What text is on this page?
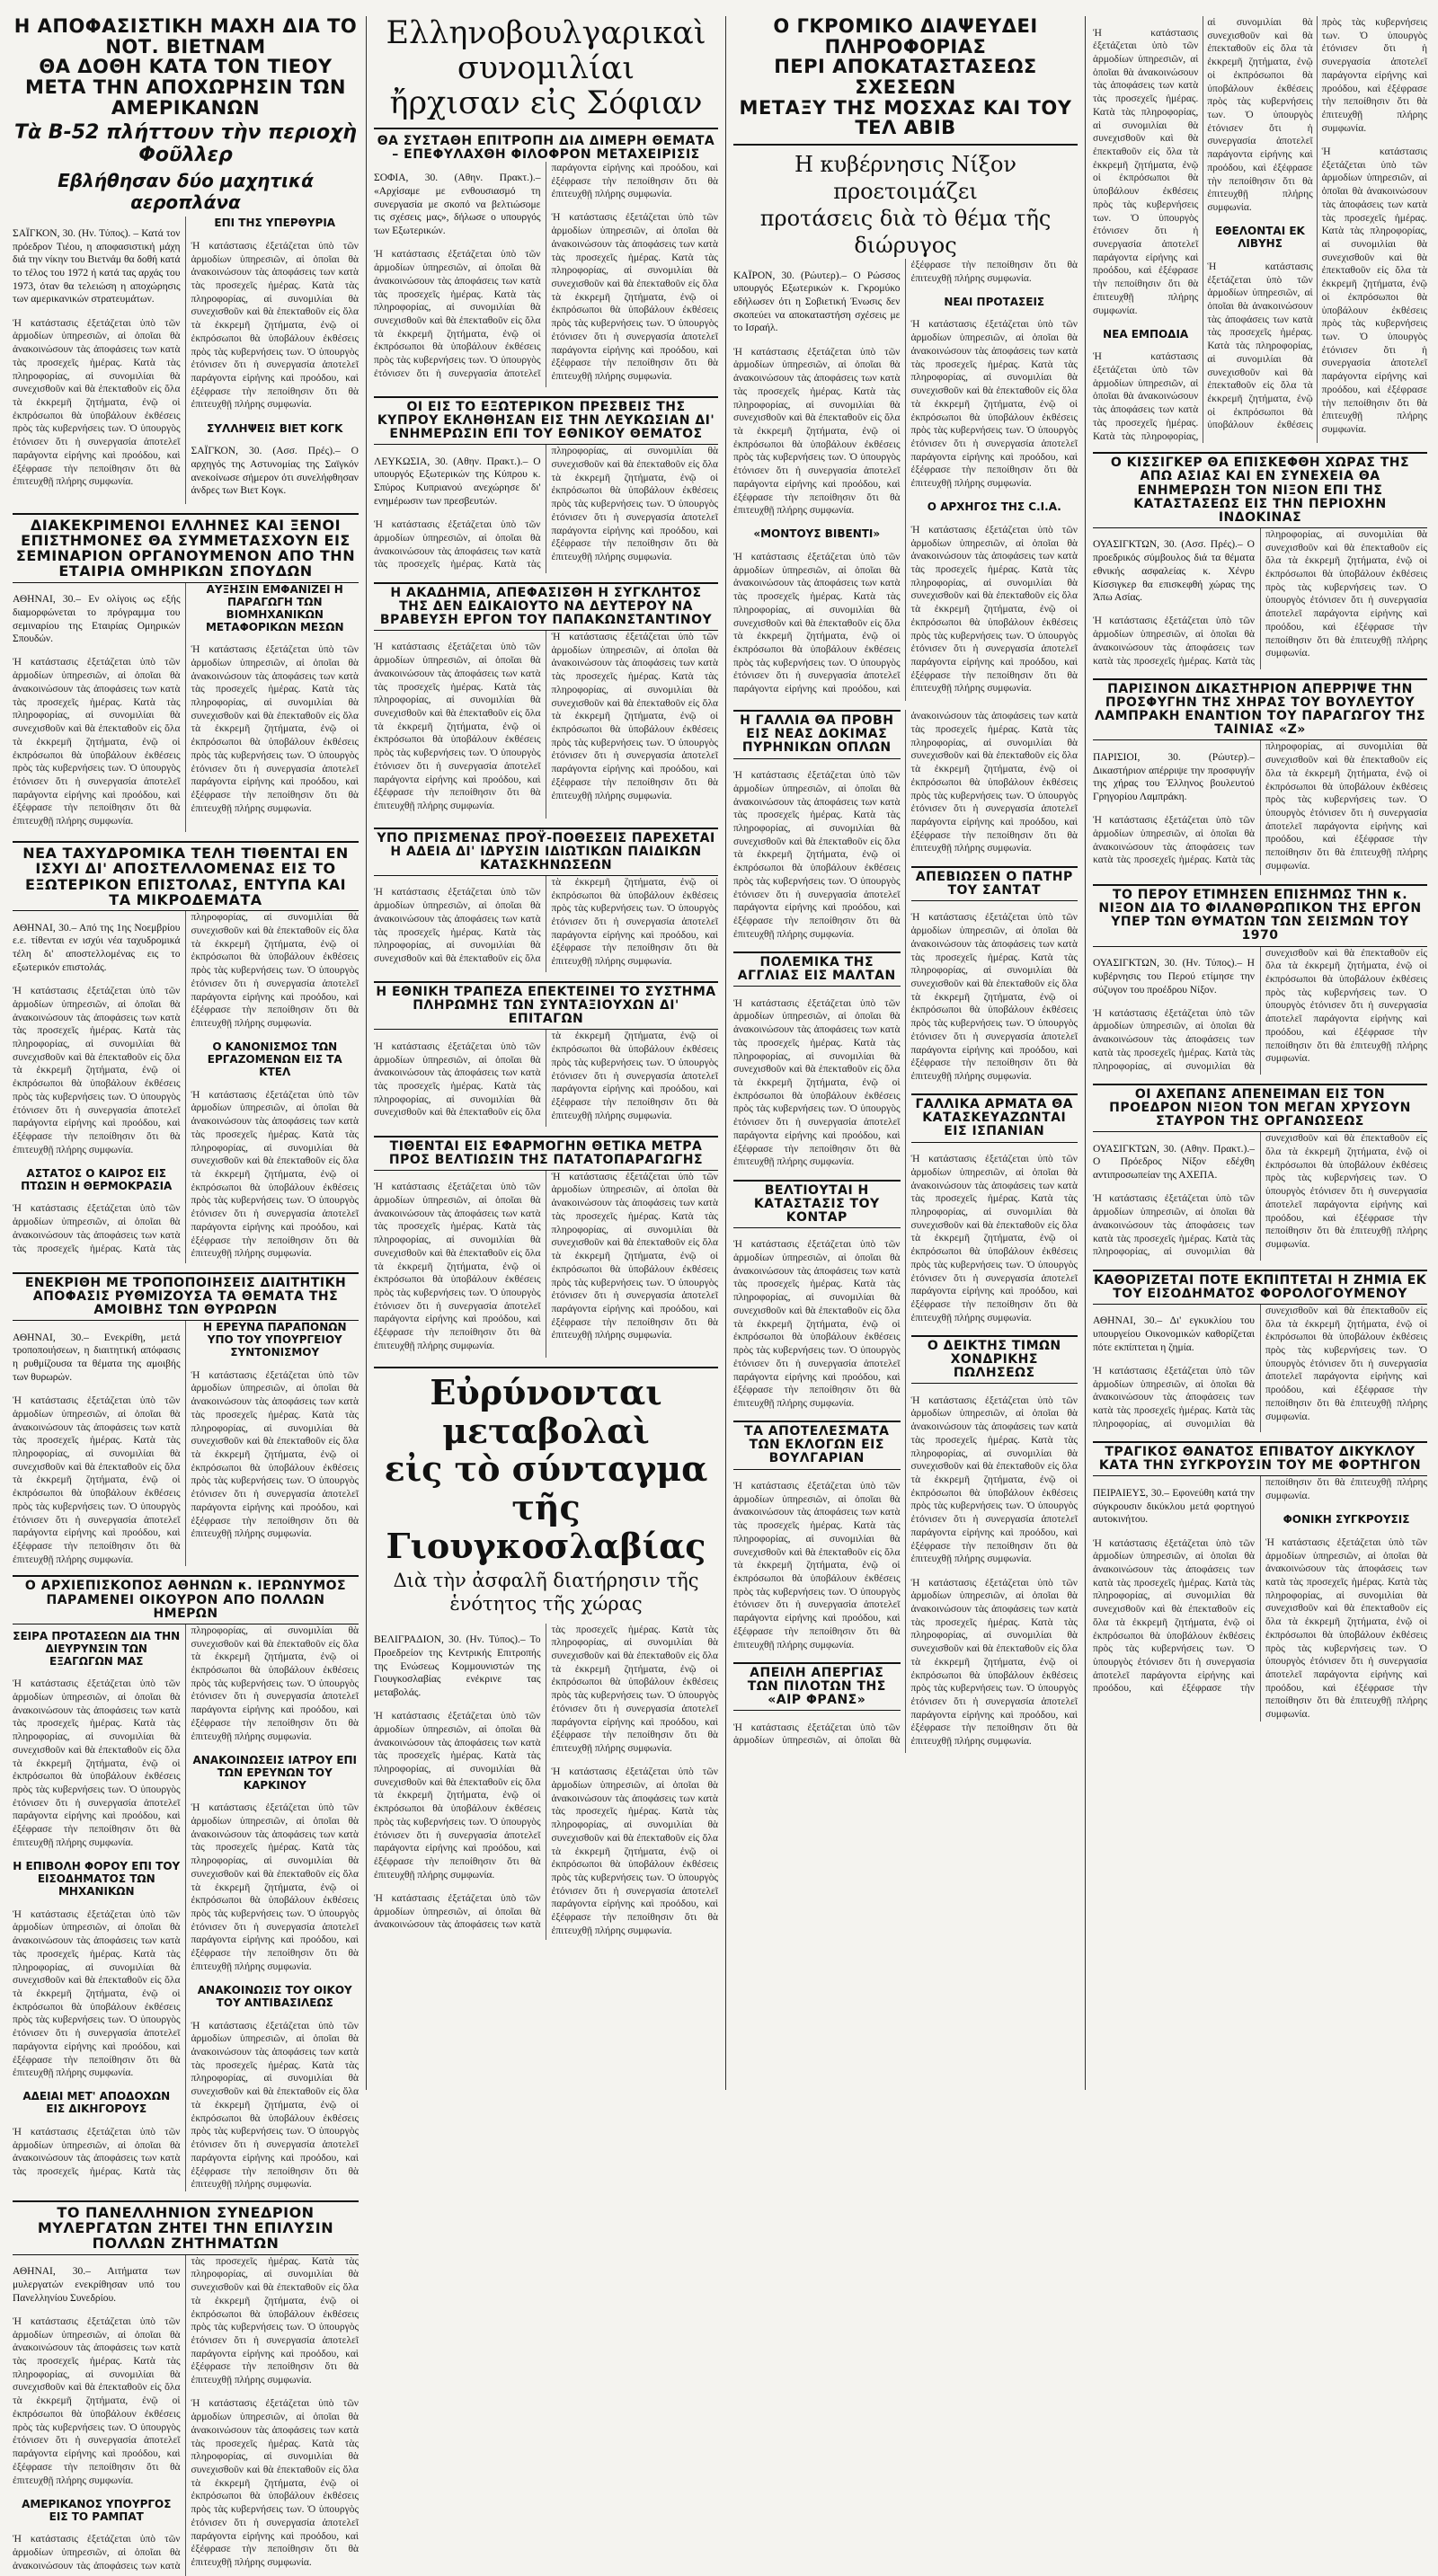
Η ΑΠΟΦΑΣΙΣΤΙΚΗ ΜΑΧΗ ΔΙΑ ΤΟ ΝΟΤ. ΒΙΕΤΝΑΜ
ΘΑ ΔΟΘΗ ΚΑΤΑ ΤΟΝ ΤΙΕΟΥ
ΜΕΤΑ ΤΗΝ ΑΠΟΧΩΡΗΣΙΝ ΤΩΝ ΑΜΕΡΙΚΑΝΩΝ
Τὰ Β-52 πλήττουν τὴν περιοχὴ Φοῦλλερ
Εβλήθησαν δύο μαχητικά αεροπλάνα

ΣΑΪΓΚΟΝ, 30. (Ην. Τύπος). – Κατά τον πρόεδρον Τιέου, η αποφασιστική μάχη διά την νίκην του Βιετνάμ θα δοθή κατά το τέλος του 1972 ή κατά τας αρχάς του 1973, όταν θα τελειώση η αποχώρησις των αμερικανικών στρατευμάτων.

Ἡ κατάστασις ἐξετάζεται ὑπὸ τῶν ἁρμοδίων ὑπηρεσιῶν, αἱ ὁποῖαι θὰ ἀνακοινώσουν τὰς ἀποφάσεις των κατὰ τὰς προσεχεῖς ἡμέρας. Κατὰ τὰς πληροφορίας, αἱ συνομιλίαι θὰ συνεχισθοῦν καὶ θὰ ἐπεκταθοῦν εἰς ὅλα τὰ ἐκκρεμῆ ζητήματα, ἐνῷ οἱ ἐκπρόσωποι θὰ ὑποβάλουν ἐκθέσεις πρὸς τὰς κυβερνήσεις των. Ὁ ὑπουργὸς ἐτόνισεν ὅτι ἡ συνεργασία ἀποτελεῖ παράγοντα εἰρήνης καὶ προόδου, καὶ ἐξέφρασε τὴν πεποίθησιν ὅτι θὰ ἐπιτευχθῇ πλήρης συμφωνία.

ΕΠΙ ΤΗΣ ΥΠΕΡΘΥΡΙΑ

Ἡ κατάστασις ἐξετάζεται ὑπὸ τῶν ἁρμοδίων ὑπηρεσιῶν, αἱ ὁποῖαι θὰ ἀνακοινώσουν τὰς ἀποφάσεις των κατὰ τὰς προσεχεῖς ἡμέρας. Κατὰ τὰς πληροφορίας, αἱ συνομιλίαι θὰ συνεχισθοῦν καὶ θὰ ἐπεκταθοῦν εἰς ὅλα τὰ ἐκκρεμῆ ζητήματα, ἐνῷ οἱ ἐκπρόσωποι θὰ ὑποβάλουν ἐκθέσεις πρὸς τὰς κυβερνήσεις των. Ὁ ὑπουργὸς ἐτόνισεν ὅτι ἡ συνεργασία ἀποτελεῖ παράγοντα εἰρήνης καὶ προόδου, καὶ ἐξέφρασε τὴν πεποίθησιν ὅτι θὰ ἐπιτευχθῇ πλήρης συμφωνία.

ΣΥΛΛΗΨΕΙΣ ΒΙΕΤ ΚΟΓΚ

ΣΑΪΓΚΟΝ, 30. (Ασσ. Πρές).– Ο αρχηγός της Αστυνομίας της Σαϊγκόν ανεκοίνωσε σήμερον ότι συνελήφθησαν άνδρες των Βιετ Κογκ.

ΔΙΑΚΕΚΡΙΜΕΝΟΙ ΕΛΛΗΝΕΣ ΚΑΙ ΞΕΝΟΙ ΕΠΙΣΤΗΜΟΝΕΣ ΘΑ ΣΥΜΜΕΤΑΣΧΟΥΝ ΕΙΣ ΣΕΜΙΝΑΡΙΟΝ ΟΡΓΑΝΟΥΜΕΝΟΝ ΑΠΟ ΤΗΝ ΕΤΑΙΡΙΑ ΟΜΗΡΙΚΩΝ ΣΠΟΥΔΩΝ

ΑΘΗΝΑΙ, 30.– Εν ολίγοις ως εξής διαμορφώνεται το πρόγραμμα του σεμιναρίου της Εταιρίας Ομηρικών Σπουδών.

Ἡ κατάστασις ἐξετάζεται ὑπὸ τῶν ἁρμοδίων ὑπηρεσιῶν, αἱ ὁποῖαι θὰ ἀνακοινώσουν τὰς ἀποφάσεις των κατὰ τὰς προσεχεῖς ἡμέρας. Κατὰ τὰς πληροφορίας, αἱ συνομιλίαι θὰ συνεχισθοῦν καὶ θὰ ἐπεκταθοῦν εἰς ὅλα τὰ ἐκκρεμῆ ζητήματα, ἐνῷ οἱ ἐκπρόσωποι θὰ ὑποβάλουν ἐκθέσεις πρὸς τὰς κυβερνήσεις των. Ὁ ὑπουργὸς ἐτόνισεν ὅτι ἡ συνεργασία ἀποτελεῖ παράγοντα εἰρήνης καὶ προόδου, καὶ ἐξέφρασε τὴν πεποίθησιν ὅτι θὰ ἐπιτευχθῇ πλήρης συμφωνία.

ΑΥΞΗΣΙΝ ΕΜΦΑΝΙΖΕΙ Η ΠΑΡΑΓΩΓΗ ΤΩΝ ΒΙΟΜΗΧΑΝΙΚΩΝ ΜΕΤΑΦΟΡΙΚΩΝ ΜΕΣΩΝ

Ἡ κατάστασις ἐξετάζεται ὑπὸ τῶν ἁρμοδίων ὑπηρεσιῶν, αἱ ὁποῖαι θὰ ἀνακοινώσουν τὰς ἀποφάσεις των κατὰ τὰς προσεχεῖς ἡμέρας. Κατὰ τὰς πληροφορίας, αἱ συνομιλίαι θὰ συνεχισθοῦν καὶ θὰ ἐπεκταθοῦν εἰς ὅλα τὰ ἐκκρεμῆ ζητήματα, ἐνῷ οἱ ἐκπρόσωποι θὰ ὑποβάλουν ἐκθέσεις πρὸς τὰς κυβερνήσεις των. Ὁ ὑπουργὸς ἐτόνισεν ὅτι ἡ συνεργασία ἀποτελεῖ παράγοντα εἰρήνης καὶ προόδου, καὶ ἐξέφρασε τὴν πεποίθησιν ὅτι θὰ ἐπιτευχθῇ πλήρης συμφωνία.

ΝΕΑ ΤΑΧΥΔΡΟΜΙΚΑ ΤΕΛΗ ΤΙΘΕΝΤΑΙ ΕΝ ΙΣΧΥΙ ΔΙ' ΑΠΟΣΤΕΛΛΟΜΕΝΑΣ ΕΙΣ ΤΟ ΕΞΩΤΕΡΙΚΟΝ ΕΠΙΣΤΟΛΑΣ, ΕΝΤΥΠΑ ΚΑΙ ΤΑ ΜΙΚΡΟΔΕΜΑΤΑ

ΑΘΗΝΑΙ, 30.– Από της 1ης Νοεμβρίου ε.ε. τίθενται εν ισχύι νέα ταχυδρομικά τέλη δι' αποστελλομένας εις το εξωτερικόν επιστολάς.

Ἡ κατάστασις ἐξετάζεται ὑπὸ τῶν ἁρμοδίων ὑπηρεσιῶν, αἱ ὁποῖαι θὰ ἀνακοινώσουν τὰς ἀποφάσεις των κατὰ τὰς προσεχεῖς ἡμέρας. Κατὰ τὰς πληροφορίας, αἱ συνομιλίαι θὰ συνεχισθοῦν καὶ θὰ ἐπεκταθοῦν εἰς ὅλα τὰ ἐκκρεμῆ ζητήματα, ἐνῷ οἱ ἐκπρόσωποι θὰ ὑποβάλουν ἐκθέσεις πρὸς τὰς κυβερνήσεις των. Ὁ ὑπουργὸς ἐτόνισεν ὅτι ἡ συνεργασία ἀποτελεῖ παράγοντα εἰρήνης καὶ προόδου, καὶ ἐξέφρασε τὴν πεποίθησιν ὅτι θὰ ἐπιτευχθῇ πλήρης συμφωνία.

ΑΣΤΑΤΟΣ Ο ΚΑΙΡΟΣ ΕΙΣ ΠΤΩΣΙΝ Η ΘΕΡΜΟΚΡΑΣΙΑ

Ἡ κατάστασις ἐξετάζεται ὑπὸ τῶν ἁρμοδίων ὑπηρεσιῶν, αἱ ὁποῖαι θὰ ἀνακοινώσουν τὰς ἀποφάσεις των κατὰ τὰς προσεχεῖς ἡμέρας. Κατὰ τὰς πληροφορίας, αἱ συνομιλίαι θὰ συνεχισθοῦν καὶ θὰ ἐπεκταθοῦν εἰς ὅλα τὰ ἐκκρεμῆ ζητήματα, ἐνῷ οἱ ἐκπρόσωποι θὰ ὑποβάλουν ἐκθέσεις πρὸς τὰς κυβερνήσεις των. Ὁ ὑπουργὸς ἐτόνισεν ὅτι ἡ συνεργασία ἀποτελεῖ παράγοντα εἰρήνης καὶ προόδου, καὶ ἐξέφρασε τὴν πεποίθησιν ὅτι θὰ ἐπιτευχθῇ πλήρης συμφωνία.

Ο ΚΑΝΟΝΙΣΜΟΣ ΤΩΝ ΕΡΓΑΖΟΜΕΝΩΝ ΕΙΣ ΤΑ ΚΤΕΛ

Ἡ κατάστασις ἐξετάζεται ὑπὸ τῶν ἁρμοδίων ὑπηρεσιῶν, αἱ ὁποῖαι θὰ ἀνακοινώσουν τὰς ἀποφάσεις των κατὰ τὰς προσεχεῖς ἡμέρας. Κατὰ τὰς πληροφορίας, αἱ συνομιλίαι θὰ συνεχισθοῦν καὶ θὰ ἐπεκταθοῦν εἰς ὅλα τὰ ἐκκρεμῆ ζητήματα, ἐνῷ οἱ ἐκπρόσωποι θὰ ὑποβάλουν ἐκθέσεις πρὸς τὰς κυβερνήσεις των. Ὁ ὑπουργὸς ἐτόνισεν ὅτι ἡ συνεργασία ἀποτελεῖ παράγοντα εἰρήνης καὶ προόδου, καὶ ἐξέφρασε τὴν πεποίθησιν ὅτι θὰ ἐπιτευχθῇ πλήρης συμφωνία.

ΕΝΕΚΡΙΘΗ ΜΕ ΤΡΟΠΟΠΟΙΗΣΕΙΣ ΔΙΑΙΤΗΤΙΚΗ ΑΠΟΦΑΣΙΣ ΡΥΘΜΙΖΟΥΣΑ ΤΑ ΘΕΜΑΤΑ ΤΗΣ ΑΜΟΙΒΗΣ ΤΩΝ ΘΥΡΩΡΩΝ

ΑΘΗΝΑΙ, 30.– Ενεκρίθη, μετά τροποποιήσεων, η διαιτητική απόφασις η ρυθμίζουσα τα θέματα της αμοιβής των θυρωρών.

Ἡ κατάστασις ἐξετάζεται ὑπὸ τῶν ἁρμοδίων ὑπηρεσιῶν, αἱ ὁποῖαι θὰ ἀνακοινώσουν τὰς ἀποφάσεις των κατὰ τὰς προσεχεῖς ἡμέρας. Κατὰ τὰς πληροφορίας, αἱ συνομιλίαι θὰ συνεχισθοῦν καὶ θὰ ἐπεκταθοῦν εἰς ὅλα τὰ ἐκκρεμῆ ζητήματα, ἐνῷ οἱ ἐκπρόσωποι θὰ ὑποβάλουν ἐκθέσεις πρὸς τὰς κυβερνήσεις των. Ὁ ὑπουργὸς ἐτόνισεν ὅτι ἡ συνεργασία ἀποτελεῖ παράγοντα εἰρήνης καὶ προόδου, καὶ ἐξέφρασε τὴν πεποίθησιν ὅτι θὰ ἐπιτευχθῇ πλήρης συμφωνία.

Η ΕΡΕΥΝΑ ΠΑΡΑΠΟΝΩΝ ΥΠΟ ΤΟΥ ΥΠΟΥΡΓΕΙΟΥ ΣΥΝΤΟΝΙΣΜΟΥ

Ἡ κατάστασις ἐξετάζεται ὑπὸ τῶν ἁρμοδίων ὑπηρεσιῶν, αἱ ὁποῖαι θὰ ἀνακοινώσουν τὰς ἀποφάσεις των κατὰ τὰς προσεχεῖς ἡμέρας. Κατὰ τὰς πληροφορίας, αἱ συνομιλίαι θὰ συνεχισθοῦν καὶ θὰ ἐπεκταθοῦν εἰς ὅλα τὰ ἐκκρεμῆ ζητήματα, ἐνῷ οἱ ἐκπρόσωποι θὰ ὑποβάλουν ἐκθέσεις πρὸς τὰς κυβερνήσεις των. Ὁ ὑπουργὸς ἐτόνισεν ὅτι ἡ συνεργασία ἀποτελεῖ παράγοντα εἰρήνης καὶ προόδου, καὶ ἐξέφρασε τὴν πεποίθησιν ὅτι θὰ ἐπιτευχθῇ πλήρης συμφωνία.

Ο ΑΡΧΙΕΠΙΣΚΟΠΟΣ ΑΘΗΝΩΝ κ. ΙΕΡΩΝΥΜΟΣ ΠΑΡΑΜΕΝΕΙ ΟΙΚΟΥΡΟΝ ΑΠΟ ΠΟΛΛΩΝ ΗΜΕΡΩΝ
ΣΕΙΡΑ ΠΡΟΤΑΣΕΩΝ ΔΙΑ ΤΗΝ ΔΙΕΥΡΥΝΣΙΝ ΤΩΝ ΕΞΑΓΩΓΩΝ ΜΑΣ

Ἡ κατάστασις ἐξετάζεται ὑπὸ τῶν ἁρμοδίων ὑπηρεσιῶν, αἱ ὁποῖαι θὰ ἀνακοινώσουν τὰς ἀποφάσεις των κατὰ τὰς προσεχεῖς ἡμέρας. Κατὰ τὰς πληροφορίας, αἱ συνομιλίαι θὰ συνεχισθοῦν καὶ θὰ ἐπεκταθοῦν εἰς ὅλα τὰ ἐκκρεμῆ ζητήματα, ἐνῷ οἱ ἐκπρόσωποι θὰ ὑποβάλουν ἐκθέσεις πρὸς τὰς κυβερνήσεις των. Ὁ ὑπουργὸς ἐτόνισεν ὅτι ἡ συνεργασία ἀποτελεῖ παράγοντα εἰρήνης καὶ προόδου, καὶ ἐξέφρασε τὴν πεποίθησιν ὅτι θὰ ἐπιτευχθῇ πλήρης συμφωνία.

Η ΕΠΙΒΟΛΗ ΦΟΡΟΥ ΕΠΙ ΤΟΥ ΕΙΣΟΔΗΜΑΤΟΣ ΤΩΝ ΜΗΧΑΝΙΚΩΝ

Ἡ κατάστασις ἐξετάζεται ὑπὸ τῶν ἁρμοδίων ὑπηρεσιῶν, αἱ ὁποῖαι θὰ ἀνακοινώσουν τὰς ἀποφάσεις των κατὰ τὰς προσεχεῖς ἡμέρας. Κατὰ τὰς πληροφορίας, αἱ συνομιλίαι θὰ συνεχισθοῦν καὶ θὰ ἐπεκταθοῦν εἰς ὅλα τὰ ἐκκρεμῆ ζητήματα, ἐνῷ οἱ ἐκπρόσωποι θὰ ὑποβάλουν ἐκθέσεις πρὸς τὰς κυβερνήσεις των. Ὁ ὑπουργὸς ἐτόνισεν ὅτι ἡ συνεργασία ἀποτελεῖ παράγοντα εἰρήνης καὶ προόδου, καὶ ἐξέφρασε τὴν πεποίθησιν ὅτι θὰ ἐπιτευχθῇ πλήρης συμφωνία.

ΑΔΕΙΑΙ ΜΕΤ' ΑΠΟΔΟΧΩΝ ΕΙΣ ΔΙΚΗΓΟΡΟΥΣ

Ἡ κατάστασις ἐξετάζεται ὑπὸ τῶν ἁρμοδίων ὑπηρεσιῶν, αἱ ὁποῖαι θὰ ἀνακοινώσουν τὰς ἀποφάσεις των κατὰ τὰς προσεχεῖς ἡμέρας. Κατὰ τὰς πληροφορίας, αἱ συνομιλίαι θὰ συνεχισθοῦν καὶ θὰ ἐπεκταθοῦν εἰς ὅλα τὰ ἐκκρεμῆ ζητήματα, ἐνῷ οἱ ἐκπρόσωποι θὰ ὑποβάλουν ἐκθέσεις πρὸς τὰς κυβερνήσεις των. Ὁ ὑπουργὸς ἐτόνισεν ὅτι ἡ συνεργασία ἀποτελεῖ παράγοντα εἰρήνης καὶ προόδου, καὶ ἐξέφρασε τὴν πεποίθησιν ὅτι θὰ ἐπιτευχθῇ πλήρης συμφωνία.

ΑΝΑΚΟΙΝΩΣΕΙΣ ΙΑΤΡΟΥ ΕΠΙ ΤΩΝ ΕΡΕΥΝΩΝ ΤΟΥ ΚΑΡΚΙΝΟΥ

Ἡ κατάστασις ἐξετάζεται ὑπὸ τῶν ἁρμοδίων ὑπηρεσιῶν, αἱ ὁποῖαι θὰ ἀνακοινώσουν τὰς ἀποφάσεις των κατὰ τὰς προσεχεῖς ἡμέρας. Κατὰ τὰς πληροφορίας, αἱ συνομιλίαι θὰ συνεχισθοῦν καὶ θὰ ἐπεκταθοῦν εἰς ὅλα τὰ ἐκκρεμῆ ζητήματα, ἐνῷ οἱ ἐκπρόσωποι θὰ ὑποβάλουν ἐκθέσεις πρὸς τὰς κυβερνήσεις των. Ὁ ὑπουργὸς ἐτόνισεν ὅτι ἡ συνεργασία ἀποτελεῖ παράγοντα εἰρήνης καὶ προόδου, καὶ ἐξέφρασε τὴν πεποίθησιν ὅτι θὰ ἐπιτευχθῇ πλήρης συμφωνία.

ΑΝΑΚΟΙΝΩΣΙΣ ΤΟΥ ΟΙΚΟΥ ΤΟΥ ΑΝΤΙΒΑΣΙΛΕΩΣ

Ἡ κατάστασις ἐξετάζεται ὑπὸ τῶν ἁρμοδίων ὑπηρεσιῶν, αἱ ὁποῖαι θὰ ἀνακοινώσουν τὰς ἀποφάσεις των κατὰ τὰς προσεχεῖς ἡμέρας. Κατὰ τὰς πληροφορίας, αἱ συνομιλίαι θὰ συνεχισθοῦν καὶ θὰ ἐπεκταθοῦν εἰς ὅλα τὰ ἐκκρεμῆ ζητήματα, ἐνῷ οἱ ἐκπρόσωποι θὰ ὑποβάλουν ἐκθέσεις πρὸς τὰς κυβερνήσεις των. Ὁ ὑπουργὸς ἐτόνισεν ὅτι ἡ συνεργασία ἀποτελεῖ παράγοντα εἰρήνης καὶ προόδου, καὶ ἐξέφρασε τὴν πεποίθησιν ὅτι θὰ ἐπιτευχθῇ πλήρης συμφωνία.

ΤΟ ΠΑΝΕΛΛΗΝΙΟΝ ΣΥΝΕΔΡΙΟΝ ΜΥΛΕΡΓΑΤΩΝ ΖΗΤΕΙ ΤΗΝ ΕΠΙΛΥΣΙΝ ΠΟΛΛΩΝ ΖΗΤΗΜΑΤΩΝ

ΑΘΗΝΑΙ, 30.– Αιτήματα των μυλεργατών ενεκρίθησαν υπό του Πανελληνίου Συνεδρίου.

Ἡ κατάστασις ἐξετάζεται ὑπὸ τῶν ἁρμοδίων ὑπηρεσιῶν, αἱ ὁποῖαι θὰ ἀνακοινώσουν τὰς ἀποφάσεις των κατὰ τὰς προσεχεῖς ἡμέρας. Κατὰ τὰς πληροφορίας, αἱ συνομιλίαι θὰ συνεχισθοῦν καὶ θὰ ἐπεκταθοῦν εἰς ὅλα τὰ ἐκκρεμῆ ζητήματα, ἐνῷ οἱ ἐκπρόσωποι θὰ ὑποβάλουν ἐκθέσεις πρὸς τὰς κυβερνήσεις των. Ὁ ὑπουργὸς ἐτόνισεν ὅτι ἡ συνεργασία ἀποτελεῖ παράγοντα εἰρήνης καὶ προόδου, καὶ ἐξέφρασε τὴν πεποίθησιν ὅτι θὰ ἐπιτευχθῇ πλήρης συμφωνία.

ΑΜΕΡΙΚΑΝΟΣ ΥΠΟΥΡΓΟΣ ΕΙΣ ΤΟ ΡΑΜΠΑΤ

Ἡ κατάστασις ἐξετάζεται ὑπὸ τῶν ἁρμοδίων ὑπηρεσιῶν, αἱ ὁποῖαι θὰ ἀνακοινώσουν τὰς ἀποφάσεις των κατὰ τὰς προσεχεῖς ἡμέρας. Κατὰ τὰς πληροφορίας, αἱ συνομιλίαι θὰ συνεχισθοῦν καὶ θὰ ἐπεκταθοῦν εἰς ὅλα τὰ ἐκκρεμῆ ζητήματα, ἐνῷ οἱ ἐκπρόσωποι θὰ ὑποβάλουν ἐκθέσεις πρὸς τὰς κυβερνήσεις των. Ὁ ὑπουργὸς ἐτόνισεν ὅτι ἡ συνεργασία ἀποτελεῖ παράγοντα εἰρήνης καὶ προόδου, καὶ ἐξέφρασε τὴν πεποίθησιν ὅτι θὰ ἐπιτευχθῇ πλήρης συμφωνία.

Ἡ κατάστασις ἐξετάζεται ὑπὸ τῶν ἁρμοδίων ὑπηρεσιῶν, αἱ ὁποῖαι θὰ ἀνακοινώσουν τὰς ἀποφάσεις των κατὰ τὰς προσεχεῖς ἡμέρας. Κατὰ τὰς πληροφορίας, αἱ συνομιλίαι θὰ συνεχισθοῦν καὶ θὰ ἐπεκταθοῦν εἰς ὅλα τὰ ἐκκρεμῆ ζητήματα, ἐνῷ οἱ ἐκπρόσωποι θὰ ὑποβάλουν ἐκθέσεις πρὸς τὰς κυβερνήσεις των. Ὁ ὑπουργὸς ἐτόνισεν ὅτι ἡ συνεργασία ἀποτελεῖ παράγοντα εἰρήνης καὶ προόδου, καὶ ἐξέφρασε τὴν πεποίθησιν ὅτι θὰ ἐπιτευχθῇ πλήρης συμφωνία.

Ελληνοβουλγαρικαὶ
συνομιλίαι
ἤρχισαν εἰς Σόφιαν
ΘΑ ΣΥΣΤΑΘΗ ΕΠΙΤΡΟΠΗ ΔΙΑ ΔΙΜΕΡΗ ΘΕΜΑΤΑ – ΕΠΕΦΥΛΑΧΘΗ ΦΙΛΟΦΡΟΝ ΜΕΤΑΧΕΙΡΙΣΙΣ

ΣΟΦΙΑ, 30. (Αθην. Πρακτ.).– «Αρχίσαμε με ενθουσιασμό τη συνεργασία με σκοπό να βελτιώσομε τις σχέσεις μας», δήλωσε ο υπουργός των Εξωτερικών.

Ἡ κατάστασις ἐξετάζεται ὑπὸ τῶν ἁρμοδίων ὑπηρεσιῶν, αἱ ὁποῖαι θὰ ἀνακοινώσουν τὰς ἀποφάσεις των κατὰ τὰς προσεχεῖς ἡμέρας. Κατὰ τὰς πληροφορίας, αἱ συνομιλίαι θὰ συνεχισθοῦν καὶ θὰ ἐπεκταθοῦν εἰς ὅλα τὰ ἐκκρεμῆ ζητήματα, ἐνῷ οἱ ἐκπρόσωποι θὰ ὑποβάλουν ἐκθέσεις πρὸς τὰς κυβερνήσεις των. Ὁ ὑπουργὸς ἐτόνισεν ὅτι ἡ συνεργασία ἀποτελεῖ παράγοντα εἰρήνης καὶ προόδου, καὶ ἐξέφρασε τὴν πεποίθησιν ὅτι θὰ ἐπιτευχθῇ πλήρης συμφωνία.

Ἡ κατάστασις ἐξετάζεται ὑπὸ τῶν ἁρμοδίων ὑπηρεσιῶν, αἱ ὁποῖαι θὰ ἀνακοινώσουν τὰς ἀποφάσεις των κατὰ τὰς προσεχεῖς ἡμέρας. Κατὰ τὰς πληροφορίας, αἱ συνομιλίαι θὰ συνεχισθοῦν καὶ θὰ ἐπεκταθοῦν εἰς ὅλα τὰ ἐκκρεμῆ ζητήματα, ἐνῷ οἱ ἐκπρόσωποι θὰ ὑποβάλουν ἐκθέσεις πρὸς τὰς κυβερνήσεις των. Ὁ ὑπουργὸς ἐτόνισεν ὅτι ἡ συνεργασία ἀποτελεῖ παράγοντα εἰρήνης καὶ προόδου, καὶ ἐξέφρασε τὴν πεποίθησιν ὅτι θὰ ἐπιτευχθῇ πλήρης συμφωνία.

ΟΙ ΕΙΣ ΤΟ ΕΞΩΤΕΡΙΚΟΝ ΠΡΕΣΒΕΙΣ ΤΗΣ ΚΥΠΡΟΥ ΕΚΛΗΘΗΣΑΝ ΕΙΣ ΤΗΝ ΛΕΥΚΩΣΙΑΝ ΔΙ' ΕΝΗΜΕΡΩΣΙΝ ΕΠΙ ΤΟΥ ΕΘΝΙΚΟΥ ΘΕΜΑΤΟΣ

ΛΕΥΚΩΣΙΑ, 30. (Αθην. Πρακτ.).– Ο υπουργός Εξωτερικών της Κύπρου κ. Σπύρος Κυπριανού ανεχώρησε δι' ενημέρωσιν των πρεσβευτών.

Ἡ κατάστασις ἐξετάζεται ὑπὸ τῶν ἁρμοδίων ὑπηρεσιῶν, αἱ ὁποῖαι θὰ ἀνακοινώσουν τὰς ἀποφάσεις των κατὰ τὰς προσεχεῖς ἡμέρας. Κατὰ τὰς πληροφορίας, αἱ συνομιλίαι θὰ συνεχισθοῦν καὶ θὰ ἐπεκταθοῦν εἰς ὅλα τὰ ἐκκρεμῆ ζητήματα, ἐνῷ οἱ ἐκπρόσωποι θὰ ὑποβάλουν ἐκθέσεις πρὸς τὰς κυβερνήσεις των. Ὁ ὑπουργὸς ἐτόνισεν ὅτι ἡ συνεργασία ἀποτελεῖ παράγοντα εἰρήνης καὶ προόδου, καὶ ἐξέφρασε τὴν πεποίθησιν ὅτι θὰ ἐπιτευχθῇ πλήρης συμφωνία.

Η ΑΚΑΔΗΜΙΑ, ΑΠΕΦΑΣΙΣΘΗ Η ΣΥΓΚΛΗΤΟΣ ΤΗΣ ΔΕΝ ΕΔΙΚΑΙΟΥΤΟ ΝΑ ΔΕΥΤΕΡΟΥ ΝΑ ΒΡΑΒΕΥΣΗ ΕΡΓΟΝ ΤΟΥ ΠΑΠΑΚΩΝΣΤΑΝΤΙΝΟΥ

Ἡ κατάστασις ἐξετάζεται ὑπὸ τῶν ἁρμοδίων ὑπηρεσιῶν, αἱ ὁποῖαι θὰ ἀνακοινώσουν τὰς ἀποφάσεις των κατὰ τὰς προσεχεῖς ἡμέρας. Κατὰ τὰς πληροφορίας, αἱ συνομιλίαι θὰ συνεχισθοῦν καὶ θὰ ἐπεκταθοῦν εἰς ὅλα τὰ ἐκκρεμῆ ζητήματα, ἐνῷ οἱ ἐκπρόσωποι θὰ ὑποβάλουν ἐκθέσεις πρὸς τὰς κυβερνήσεις των. Ὁ ὑπουργὸς ἐτόνισεν ὅτι ἡ συνεργασία ἀποτελεῖ παράγοντα εἰρήνης καὶ προόδου, καὶ ἐξέφρασε τὴν πεποίθησιν ὅτι θὰ ἐπιτευχθῇ πλήρης συμφωνία.

Ἡ κατάστασις ἐξετάζεται ὑπὸ τῶν ἁρμοδίων ὑπηρεσιῶν, αἱ ὁποῖαι θὰ ἀνακοινώσουν τὰς ἀποφάσεις των κατὰ τὰς προσεχεῖς ἡμέρας. Κατὰ τὰς πληροφορίας, αἱ συνομιλίαι θὰ συνεχισθοῦν καὶ θὰ ἐπεκταθοῦν εἰς ὅλα τὰ ἐκκρεμῆ ζητήματα, ἐνῷ οἱ ἐκπρόσωποι θὰ ὑποβάλουν ἐκθέσεις πρὸς τὰς κυβερνήσεις των. Ὁ ὑπουργὸς ἐτόνισεν ὅτι ἡ συνεργασία ἀποτελεῖ παράγοντα εἰρήνης καὶ προόδου, καὶ ἐξέφρασε τὴν πεποίθησιν ὅτι θὰ ἐπιτευχθῇ πλήρης συμφωνία.

ΥΠΟ ΠΡΙΣΜΕΝΑΣ ΠΡΟΫ-ΠΟΘΕΣΕΙΣ ΠΑΡΕΧΕΤΑΙ Η ΑΔΕΙΑ ΔΙ' ΙΔΡΥΣΙΝ ΙΔΙΩΤΙΚΩΝ ΠΑΙΔΙΚΩΝ ΚΑΤΑΣΚΗΝΩΣΕΩΝ

Ἡ κατάστασις ἐξετάζεται ὑπὸ τῶν ἁρμοδίων ὑπηρεσιῶν, αἱ ὁποῖαι θὰ ἀνακοινώσουν τὰς ἀποφάσεις των κατὰ τὰς προσεχεῖς ἡμέρας. Κατὰ τὰς πληροφορίας, αἱ συνομιλίαι θὰ συνεχισθοῦν καὶ θὰ ἐπεκταθοῦν εἰς ὅλα τὰ ἐκκρεμῆ ζητήματα, ἐνῷ οἱ ἐκπρόσωποι θὰ ὑποβάλουν ἐκθέσεις πρὸς τὰς κυβερνήσεις των. Ὁ ὑπουργὸς ἐτόνισεν ὅτι ἡ συνεργασία ἀποτελεῖ παράγοντα εἰρήνης καὶ προόδου, καὶ ἐξέφρασε τὴν πεποίθησιν ὅτι θὰ ἐπιτευχθῇ πλήρης συμφωνία.

Η ΕΘΝΙΚΗ ΤΡΑΠΕΖΑ ΕΠΕΚΤΕΙΝΕΙ ΤΟ ΣΥΣΤΗΜΑ ΠΛΗΡΩΜΗΣ ΤΩΝ ΣΥΝΤΑΞΙΟΥΧΩΝ ΔΙ' ΕΠΙΤΑΓΩΝ

Ἡ κατάστασις ἐξετάζεται ὑπὸ τῶν ἁρμοδίων ὑπηρεσιῶν, αἱ ὁποῖαι θὰ ἀνακοινώσουν τὰς ἀποφάσεις των κατὰ τὰς προσεχεῖς ἡμέρας. Κατὰ τὰς πληροφορίας, αἱ συνομιλίαι θὰ συνεχισθοῦν καὶ θὰ ἐπεκταθοῦν εἰς ὅλα τὰ ἐκκρεμῆ ζητήματα, ἐνῷ οἱ ἐκπρόσωποι θὰ ὑποβάλουν ἐκθέσεις πρὸς τὰς κυβερνήσεις των. Ὁ ὑπουργὸς ἐτόνισεν ὅτι ἡ συνεργασία ἀποτελεῖ παράγοντα εἰρήνης καὶ προόδου, καὶ ἐξέφρασε τὴν πεποίθησιν ὅτι θὰ ἐπιτευχθῇ πλήρης συμφωνία.

ΤΙΘΕΝΤΑΙ ΕΙΣ ΕΦΑΡΜΟΓΗΝ ΘΕΤΙΚΑ ΜΕΤΡΑ ΠΡΟΣ ΒΕΛΤΙΩΣΙΝ ΤΗΣ ΠΑΤΑΤΟΠΑΡΑΓΩΓΗΣ

Ἡ κατάστασις ἐξετάζεται ὑπὸ τῶν ἁρμοδίων ὑπηρεσιῶν, αἱ ὁποῖαι θὰ ἀνακοινώσουν τὰς ἀποφάσεις των κατὰ τὰς προσεχεῖς ἡμέρας. Κατὰ τὰς πληροφορίας, αἱ συνομιλίαι θὰ συνεχισθοῦν καὶ θὰ ἐπεκταθοῦν εἰς ὅλα τὰ ἐκκρεμῆ ζητήματα, ἐνῷ οἱ ἐκπρόσωποι θὰ ὑποβάλουν ἐκθέσεις πρὸς τὰς κυβερνήσεις των. Ὁ ὑπουργὸς ἐτόνισεν ὅτι ἡ συνεργασία ἀποτελεῖ παράγοντα εἰρήνης καὶ προόδου, καὶ ἐξέφρασε τὴν πεποίθησιν ὅτι θὰ ἐπιτευχθῇ πλήρης συμφωνία.

Ἡ κατάστασις ἐξετάζεται ὑπὸ τῶν ἁρμοδίων ὑπηρεσιῶν, αἱ ὁποῖαι θὰ ἀνακοινώσουν τὰς ἀποφάσεις των κατὰ τὰς προσεχεῖς ἡμέρας. Κατὰ τὰς πληροφορίας, αἱ συνομιλίαι θὰ συνεχισθοῦν καὶ θὰ ἐπεκταθοῦν εἰς ὅλα τὰ ἐκκρεμῆ ζητήματα, ἐνῷ οἱ ἐκπρόσωποι θὰ ὑποβάλουν ἐκθέσεις πρὸς τὰς κυβερνήσεις των. Ὁ ὑπουργὸς ἐτόνισεν ὅτι ἡ συνεργασία ἀποτελεῖ παράγοντα εἰρήνης καὶ προόδου, καὶ ἐξέφρασε τὴν πεποίθησιν ὅτι θὰ ἐπιτευχθῇ πλήρης συμφωνία.

Εὐρύνονται μεταβολαὶ
εἰς τὸ σύνταγμα
τῆς Γιουγκοσλαβίας
Διὰ τὴν ἀσφαλῆ διατήρησιν τῆς ἑνότητος τῆς χώρας

ΒΕΛΙΓΡΑΔΙΟΝ, 30. (Ην. Τύπος).– Το Προεδρείον της Κεντρικής Επιτροπής της Ενώσεως Κομμουνιστών της Γιουγκοσλαβίας ενέκρινε τας μεταβολάς.

Ἡ κατάστασις ἐξετάζεται ὑπὸ τῶν ἁρμοδίων ὑπηρεσιῶν, αἱ ὁποῖαι θὰ ἀνακοινώσουν τὰς ἀποφάσεις των κατὰ τὰς προσεχεῖς ἡμέρας. Κατὰ τὰς πληροφορίας, αἱ συνομιλίαι θὰ συνεχισθοῦν καὶ θὰ ἐπεκταθοῦν εἰς ὅλα τὰ ἐκκρεμῆ ζητήματα, ἐνῷ οἱ ἐκπρόσωποι θὰ ὑποβάλουν ἐκθέσεις πρὸς τὰς κυβερνήσεις των. Ὁ ὑπουργὸς ἐτόνισεν ὅτι ἡ συνεργασία ἀποτελεῖ παράγοντα εἰρήνης καὶ προόδου, καὶ ἐξέφρασε τὴν πεποίθησιν ὅτι θὰ ἐπιτευχθῇ πλήρης συμφωνία.

Ἡ κατάστασις ἐξετάζεται ὑπὸ τῶν ἁρμοδίων ὑπηρεσιῶν, αἱ ὁποῖαι θὰ ἀνακοινώσουν τὰς ἀποφάσεις των κατὰ τὰς προσεχεῖς ἡμέρας. Κατὰ τὰς πληροφορίας, αἱ συνομιλίαι θὰ συνεχισθοῦν καὶ θὰ ἐπεκταθοῦν εἰς ὅλα τὰ ἐκκρεμῆ ζητήματα, ἐνῷ οἱ ἐκπρόσωποι θὰ ὑποβάλουν ἐκθέσεις πρὸς τὰς κυβερνήσεις των. Ὁ ὑπουργὸς ἐτόνισεν ὅτι ἡ συνεργασία ἀποτελεῖ παράγοντα εἰρήνης καὶ προόδου, καὶ ἐξέφρασε τὴν πεποίθησιν ὅτι θὰ ἐπιτευχθῇ πλήρης συμφωνία.

Ἡ κατάστασις ἐξετάζεται ὑπὸ τῶν ἁρμοδίων ὑπηρεσιῶν, αἱ ὁποῖαι θὰ ἀνακοινώσουν τὰς ἀποφάσεις των κατὰ τὰς προσεχεῖς ἡμέρας. Κατὰ τὰς πληροφορίας, αἱ συνομιλίαι θὰ συνεχισθοῦν καὶ θὰ ἐπεκταθοῦν εἰς ὅλα τὰ ἐκκρεμῆ ζητήματα, ἐνῷ οἱ ἐκπρόσωποι θὰ ὑποβάλουν ἐκθέσεις πρὸς τὰς κυβερνήσεις των. Ὁ ὑπουργὸς ἐτόνισεν ὅτι ἡ συνεργασία ἀποτελεῖ παράγοντα εἰρήνης καὶ προόδου, καὶ ἐξέφρασε τὴν πεποίθησιν ὅτι θὰ ἐπιτευχθῇ πλήρης συμφωνία.

Ο ΓΚΡΟΜΙΚΟ ΔΙΑΨΕΥΔΕΙ ΠΛΗΡΟΦΟΡΙΑΣ
ΠΕΡΙ ΑΠΟΚΑΤΑΣΤΑΣΕΩΣ ΣΧΕΣΕΩΝ
ΜΕΤΑΞΥ ΤΗΣ ΜΟΣΧΑΣ ΚΑΙ ΤΟΥ ΤΕΛ ΑΒΙΒ
Η κυβέρνησις Νίξον προετοιμάζει
προτάσεις διὰ τὸ θέμα τῆς διώρυγος

ΚΑΪΡΟΝ, 30. (Ρώυτερ).– Ο Ρώσσος υπουργός Εξωτερικών κ. Γκρομύκο εδήλωσεν ότι η Σοβιετική Ένωσις δεν σκοπεύει να αποκαταστήση σχέσεις με το Ισραήλ.

Ἡ κατάστασις ἐξετάζεται ὑπὸ τῶν ἁρμοδίων ὑπηρεσιῶν, αἱ ὁποῖαι θὰ ἀνακοινώσουν τὰς ἀποφάσεις των κατὰ τὰς προσεχεῖς ἡμέρας. Κατὰ τὰς πληροφορίας, αἱ συνομιλίαι θὰ συνεχισθοῦν καὶ θὰ ἐπεκταθοῦν εἰς ὅλα τὰ ἐκκρεμῆ ζητήματα, ἐνῷ οἱ ἐκπρόσωποι θὰ ὑποβάλουν ἐκθέσεις πρὸς τὰς κυβερνήσεις των. Ὁ ὑπουργὸς ἐτόνισεν ὅτι ἡ συνεργασία ἀποτελεῖ παράγοντα εἰρήνης καὶ προόδου, καὶ ἐξέφρασε τὴν πεποίθησιν ὅτι θὰ ἐπιτευχθῇ πλήρης συμφωνία.

«ΜΟΝΤΟΥΣ ΒΙΒΕΝΤΙ»

Ἡ κατάστασις ἐξετάζεται ὑπὸ τῶν ἁρμοδίων ὑπηρεσιῶν, αἱ ὁποῖαι θὰ ἀνακοινώσουν τὰς ἀποφάσεις των κατὰ τὰς προσεχεῖς ἡμέρας. Κατὰ τὰς πληροφορίας, αἱ συνομιλίαι θὰ συνεχισθοῦν καὶ θὰ ἐπεκταθοῦν εἰς ὅλα τὰ ἐκκρεμῆ ζητήματα, ἐνῷ οἱ ἐκπρόσωποι θὰ ὑποβάλουν ἐκθέσεις πρὸς τὰς κυβερνήσεις των. Ὁ ὑπουργὸς ἐτόνισεν ὅτι ἡ συνεργασία ἀποτελεῖ παράγοντα εἰρήνης καὶ προόδου, καὶ ἐξέφρασε τὴν πεποίθησιν ὅτι θὰ ἐπιτευχθῇ πλήρης συμφωνία.

ΝΕΑΙ ΠΡΟΤΑΣΕΙΣ

Ἡ κατάστασις ἐξετάζεται ὑπὸ τῶν ἁρμοδίων ὑπηρεσιῶν, αἱ ὁποῖαι θὰ ἀνακοινώσουν τὰς ἀποφάσεις των κατὰ τὰς προσεχεῖς ἡμέρας. Κατὰ τὰς πληροφορίας, αἱ συνομιλίαι θὰ συνεχισθοῦν καὶ θὰ ἐπεκταθοῦν εἰς ὅλα τὰ ἐκκρεμῆ ζητήματα, ἐνῷ οἱ ἐκπρόσωποι θὰ ὑποβάλουν ἐκθέσεις πρὸς τὰς κυβερνήσεις των. Ὁ ὑπουργὸς ἐτόνισεν ὅτι ἡ συνεργασία ἀποτελεῖ παράγοντα εἰρήνης καὶ προόδου, καὶ ἐξέφρασε τὴν πεποίθησιν ὅτι θὰ ἐπιτευχθῇ πλήρης συμφωνία.

Ο ΑΡΧΗΓΟΣ ΤΗΣ C.I.A.

Ἡ κατάστασις ἐξετάζεται ὑπὸ τῶν ἁρμοδίων ὑπηρεσιῶν, αἱ ὁποῖαι θὰ ἀνακοινώσουν τὰς ἀποφάσεις των κατὰ τὰς προσεχεῖς ἡμέρας. Κατὰ τὰς πληροφορίας, αἱ συνομιλίαι θὰ συνεχισθοῦν καὶ θὰ ἐπεκταθοῦν εἰς ὅλα τὰ ἐκκρεμῆ ζητήματα, ἐνῷ οἱ ἐκπρόσωποι θὰ ὑποβάλουν ἐκθέσεις πρὸς τὰς κυβερνήσεις των. Ὁ ὑπουργὸς ἐτόνισεν ὅτι ἡ συνεργασία ἀποτελεῖ παράγοντα εἰρήνης καὶ προόδου, καὶ ἐξέφρασε τὴν πεποίθησιν ὅτι θὰ ἐπιτευχθῇ πλήρης συμφωνία.

Η ΓΑΛΛΙΑ ΘΑ ΠΡΟΒΗ ΕΙΣ ΝΕΑΣ ΔΟΚΙΜΑΣ ΠΥΡΗΝΙΚΩΝ ΟΠΛΩΝ

Ἡ κατάστασις ἐξετάζεται ὑπὸ τῶν ἁρμοδίων ὑπηρεσιῶν, αἱ ὁποῖαι θὰ ἀνακοινώσουν τὰς ἀποφάσεις των κατὰ τὰς προσεχεῖς ἡμέρας. Κατὰ τὰς πληροφορίας, αἱ συνομιλίαι θὰ συνεχισθοῦν καὶ θὰ ἐπεκταθοῦν εἰς ὅλα τὰ ἐκκρεμῆ ζητήματα, ἐνῷ οἱ ἐκπρόσωποι θὰ ὑποβάλουν ἐκθέσεις πρὸς τὰς κυβερνήσεις των. Ὁ ὑπουργὸς ἐτόνισεν ὅτι ἡ συνεργασία ἀποτελεῖ παράγοντα εἰρήνης καὶ προόδου, καὶ ἐξέφρασε τὴν πεποίθησιν ὅτι θὰ ἐπιτευχθῇ πλήρης συμφωνία.

ΠΟΛΕΜΙΚΑ ΤΗΣ ΑΓΓΛΙΑΣ ΕΙΣ ΜΑΛΤΑΝ

Ἡ κατάστασις ἐξετάζεται ὑπὸ τῶν ἁρμοδίων ὑπηρεσιῶν, αἱ ὁποῖαι θὰ ἀνακοινώσουν τὰς ἀποφάσεις των κατὰ τὰς προσεχεῖς ἡμέρας. Κατὰ τὰς πληροφορίας, αἱ συνομιλίαι θὰ συνεχισθοῦν καὶ θὰ ἐπεκταθοῦν εἰς ὅλα τὰ ἐκκρεμῆ ζητήματα, ἐνῷ οἱ ἐκπρόσωποι θὰ ὑποβάλουν ἐκθέσεις πρὸς τὰς κυβερνήσεις των. Ὁ ὑπουργὸς ἐτόνισεν ὅτι ἡ συνεργασία ἀποτελεῖ παράγοντα εἰρήνης καὶ προόδου, καὶ ἐξέφρασε τὴν πεποίθησιν ὅτι θὰ ἐπιτευχθῇ πλήρης συμφωνία.

ΒΕΛΤΙΟΥΤΑΙ Η ΚΑΤΑΣΤΑΣΙΣ ΤΟΥ ΚΟΝΤΑΡ

Ἡ κατάστασις ἐξετάζεται ὑπὸ τῶν ἁρμοδίων ὑπηρεσιῶν, αἱ ὁποῖαι θὰ ἀνακοινώσουν τὰς ἀποφάσεις των κατὰ τὰς προσεχεῖς ἡμέρας. Κατὰ τὰς πληροφορίας, αἱ συνομιλίαι θὰ συνεχισθοῦν καὶ θὰ ἐπεκταθοῦν εἰς ὅλα τὰ ἐκκρεμῆ ζητήματα, ἐνῷ οἱ ἐκπρόσωποι θὰ ὑποβάλουν ἐκθέσεις πρὸς τὰς κυβερνήσεις των. Ὁ ὑπουργὸς ἐτόνισεν ὅτι ἡ συνεργασία ἀποτελεῖ παράγοντα εἰρήνης καὶ προόδου, καὶ ἐξέφρασε τὴν πεποίθησιν ὅτι θὰ ἐπιτευχθῇ πλήρης συμφωνία.

ΤΑ ΑΠΟΤΕΛΕΣΜΑΤΑ ΤΩΝ ΕΚΛΟΓΩΝ ΕΙΣ ΒΟΥΛΓΑΡΙΑΝ

Ἡ κατάστασις ἐξετάζεται ὑπὸ τῶν ἁρμοδίων ὑπηρεσιῶν, αἱ ὁποῖαι θὰ ἀνακοινώσουν τὰς ἀποφάσεις των κατὰ τὰς προσεχεῖς ἡμέρας. Κατὰ τὰς πληροφορίας, αἱ συνομιλίαι θὰ συνεχισθοῦν καὶ θὰ ἐπεκταθοῦν εἰς ὅλα τὰ ἐκκρεμῆ ζητήματα, ἐνῷ οἱ ἐκπρόσωποι θὰ ὑποβάλουν ἐκθέσεις πρὸς τὰς κυβερνήσεις των. Ὁ ὑπουργὸς ἐτόνισεν ὅτι ἡ συνεργασία ἀποτελεῖ παράγοντα εἰρήνης καὶ προόδου, καὶ ἐξέφρασε τὴν πεποίθησιν ὅτι θὰ ἐπιτευχθῇ πλήρης συμφωνία.

ΑΠΕΙΛΗ ΑΠΕΡΓΙΑΣ ΤΩΝ ΠΙΛΟΤΩΝ ΤΗΣ «ΑΙΡ ΦΡΑΝΣ»

Ἡ κατάστασις ἐξετάζεται ὑπὸ τῶν ἁρμοδίων ὑπηρεσιῶν, αἱ ὁποῖαι θὰ ἀνακοινώσουν τὰς ἀποφάσεις των κατὰ τὰς προσεχεῖς ἡμέρας. Κατὰ τὰς πληροφορίας, αἱ συνομιλίαι θὰ συνεχισθοῦν καὶ θὰ ἐπεκταθοῦν εἰς ὅλα τὰ ἐκκρεμῆ ζητήματα, ἐνῷ οἱ ἐκπρόσωποι θὰ ὑποβάλουν ἐκθέσεις πρὸς τὰς κυβερνήσεις των. Ὁ ὑπουργὸς ἐτόνισεν ὅτι ἡ συνεργασία ἀποτελεῖ παράγοντα εἰρήνης καὶ προόδου, καὶ ἐξέφρασε τὴν πεποίθησιν ὅτι θὰ ἐπιτευχθῇ πλήρης συμφωνία.

ΑΠΕΒΙΩΣΕΝ Ο ΠΑΤΗΡ ΤΟΥ ΣΑΝΤΑΤ

Ἡ κατάστασις ἐξετάζεται ὑπὸ τῶν ἁρμοδίων ὑπηρεσιῶν, αἱ ὁποῖαι θὰ ἀνακοινώσουν τὰς ἀποφάσεις των κατὰ τὰς προσεχεῖς ἡμέρας. Κατὰ τὰς πληροφορίας, αἱ συνομιλίαι θὰ συνεχισθοῦν καὶ θὰ ἐπεκταθοῦν εἰς ὅλα τὰ ἐκκρεμῆ ζητήματα, ἐνῷ οἱ ἐκπρόσωποι θὰ ὑποβάλουν ἐκθέσεις πρὸς τὰς κυβερνήσεις των. Ὁ ὑπουργὸς ἐτόνισεν ὅτι ἡ συνεργασία ἀποτελεῖ παράγοντα εἰρήνης καὶ προόδου, καὶ ἐξέφρασε τὴν πεποίθησιν ὅτι θὰ ἐπιτευχθῇ πλήρης συμφωνία.

ΓΑΛΛΙΚΑ ΑΡΜΑΤΑ ΘΑ ΚΑΤΑΣΚΕΥΑΖΩΝΤΑΙ ΕΙΣ ΙΣΠΑΝΙΑΝ

Ἡ κατάστασις ἐξετάζεται ὑπὸ τῶν ἁρμοδίων ὑπηρεσιῶν, αἱ ὁποῖαι θὰ ἀνακοινώσουν τὰς ἀποφάσεις των κατὰ τὰς προσεχεῖς ἡμέρας. Κατὰ τὰς πληροφορίας, αἱ συνομιλίαι θὰ συνεχισθοῦν καὶ θὰ ἐπεκταθοῦν εἰς ὅλα τὰ ἐκκρεμῆ ζητήματα, ἐνῷ οἱ ἐκπρόσωποι θὰ ὑποβάλουν ἐκθέσεις πρὸς τὰς κυβερνήσεις των. Ὁ ὑπουργὸς ἐτόνισεν ὅτι ἡ συνεργασία ἀποτελεῖ παράγοντα εἰρήνης καὶ προόδου, καὶ ἐξέφρασε τὴν πεποίθησιν ὅτι θὰ ἐπιτευχθῇ πλήρης συμφωνία.

Ο ΔΕΙΚΤΗΣ ΤΙΜΩΝ ΧΟΝΔΡΙΚΗΣ ΠΩΛΗΣΕΩΣ

Ἡ κατάστασις ἐξετάζεται ὑπὸ τῶν ἁρμοδίων ὑπηρεσιῶν, αἱ ὁποῖαι θὰ ἀνακοινώσουν τὰς ἀποφάσεις των κατὰ τὰς προσεχεῖς ἡμέρας. Κατὰ τὰς πληροφορίας, αἱ συνομιλίαι θὰ συνεχισθοῦν καὶ θὰ ἐπεκταθοῦν εἰς ὅλα τὰ ἐκκρεμῆ ζητήματα, ἐνῷ οἱ ἐκπρόσωποι θὰ ὑποβάλουν ἐκθέσεις πρὸς τὰς κυβερνήσεις των. Ὁ ὑπουργὸς ἐτόνισεν ὅτι ἡ συνεργασία ἀποτελεῖ παράγοντα εἰρήνης καὶ προόδου, καὶ ἐξέφρασε τὴν πεποίθησιν ὅτι θὰ ἐπιτευχθῇ πλήρης συμφωνία.

Ἡ κατάστασις ἐξετάζεται ὑπὸ τῶν ἁρμοδίων ὑπηρεσιῶν, αἱ ὁποῖαι θὰ ἀνακοινώσουν τὰς ἀποφάσεις των κατὰ τὰς προσεχεῖς ἡμέρας. Κατὰ τὰς πληροφορίας, αἱ συνομιλίαι θὰ συνεχισθοῦν καὶ θὰ ἐπεκταθοῦν εἰς ὅλα τὰ ἐκκρεμῆ ζητήματα, ἐνῷ οἱ ἐκπρόσωποι θὰ ὑποβάλουν ἐκθέσεις πρὸς τὰς κυβερνήσεις των. Ὁ ὑπουργὸς ἐτόνισεν ὅτι ἡ συνεργασία ἀποτελεῖ παράγοντα εἰρήνης καὶ προόδου, καὶ ἐξέφρασε τὴν πεποίθησιν ὅτι θὰ ἐπιτευχθῇ πλήρης συμφωνία.

Ἡ κατάστασις ἐξετάζεται ὑπὸ τῶν ἁρμοδίων ὑπηρεσιῶν, αἱ ὁποῖαι θὰ ἀνακοινώσουν τὰς ἀποφάσεις των κατὰ τὰς προσεχεῖς ἡμέρας. Κατὰ τὰς πληροφορίας, αἱ συνομιλίαι θὰ συνεχισθοῦν καὶ θὰ ἐπεκταθοῦν εἰς ὅλα τὰ ἐκκρεμῆ ζητήματα, ἐνῷ οἱ ἐκπρόσωποι θὰ ὑποβάλουν ἐκθέσεις πρὸς τὰς κυβερνήσεις των. Ὁ ὑπουργὸς ἐτόνισεν ὅτι ἡ συνεργασία ἀποτελεῖ παράγοντα εἰρήνης καὶ προόδου, καὶ ἐξέφρασε τὴν πεποίθησιν ὅτι θὰ ἐπιτευχθῇ πλήρης συμφωνία.

ΝΕΑ ΕΜΠΟΔΙΑ

Ἡ κατάστασις ἐξετάζεται ὑπὸ τῶν ἁρμοδίων ὑπηρεσιῶν, αἱ ὁποῖαι θὰ ἀνακοινώσουν τὰς ἀποφάσεις των κατὰ τὰς προσεχεῖς ἡμέρας. Κατὰ τὰς πληροφορίας, αἱ συνομιλίαι θὰ συνεχισθοῦν καὶ θὰ ἐπεκταθοῦν εἰς ὅλα τὰ ἐκκρεμῆ ζητήματα, ἐνῷ οἱ ἐκπρόσωποι θὰ ὑποβάλουν ἐκθέσεις πρὸς τὰς κυβερνήσεις των. Ὁ ὑπουργὸς ἐτόνισεν ὅτι ἡ συνεργασία ἀποτελεῖ παράγοντα εἰρήνης καὶ προόδου, καὶ ἐξέφρασε τὴν πεποίθησιν ὅτι θὰ ἐπιτευχθῇ πλήρης συμφωνία.

ΕΘΕΛΟΝΤΑΙ ΕΚ ΛΙΒΥΗΣ

Ἡ κατάστασις ἐξετάζεται ὑπὸ τῶν ἁρμοδίων ὑπηρεσιῶν, αἱ ὁποῖαι θὰ ἀνακοινώσουν τὰς ἀποφάσεις των κατὰ τὰς προσεχεῖς ἡμέρας. Κατὰ τὰς πληροφορίας, αἱ συνομιλίαι θὰ συνεχισθοῦν καὶ θὰ ἐπεκταθοῦν εἰς ὅλα τὰ ἐκκρεμῆ ζητήματα, ἐνῷ οἱ ἐκπρόσωποι θὰ ὑποβάλουν ἐκθέσεις πρὸς τὰς κυβερνήσεις των. Ὁ ὑπουργὸς ἐτόνισεν ὅτι ἡ συνεργασία ἀποτελεῖ παράγοντα εἰρήνης καὶ προόδου, καὶ ἐξέφρασε τὴν πεποίθησιν ὅτι θὰ ἐπιτευχθῇ πλήρης συμφωνία.

Ἡ κατάστασις ἐξετάζεται ὑπὸ τῶν ἁρμοδίων ὑπηρεσιῶν, αἱ ὁποῖαι θὰ ἀνακοινώσουν τὰς ἀποφάσεις των κατὰ τὰς προσεχεῖς ἡμέρας. Κατὰ τὰς πληροφορίας, αἱ συνομιλίαι θὰ συνεχισθοῦν καὶ θὰ ἐπεκταθοῦν εἰς ὅλα τὰ ἐκκρεμῆ ζητήματα, ἐνῷ οἱ ἐκπρόσωποι θὰ ὑποβάλουν ἐκθέσεις πρὸς τὰς κυβερνήσεις των. Ὁ ὑπουργὸς ἐτόνισεν ὅτι ἡ συνεργασία ἀποτελεῖ παράγοντα εἰρήνης καὶ προόδου, καὶ ἐξέφρασε τὴν πεποίθησιν ὅτι θὰ ἐπιτευχθῇ πλήρης συμφωνία.

Ο ΚΙΣΣΙΓΚΕΡ ΘΑ ΕΠΙΣΚΕΦΘΗ ΧΩΡΑΣ ΤΗΣ ΑΠΩ ΑΣΙΑΣ ΚΑΙ ΕΝ ΣΥΝΕΧΕΙΑ ΘΑ ΕΝΗΜΕΡΩΣΗ ΤΟΝ ΝΙΞΟΝ ΕΠΙ ΤΗΣ ΚΑΤΑΣΤΑΣΕΩΣ ΕΙΣ ΤΗΝ ΠΕΡΙΟΧΗΝ ΙΝΔΟΚΙΝΑΣ

ΟΥΑΣΙΓΚΤΩΝ, 30. (Ασσ. Πρές).– Ο προεδρικός σύμβουλος διά τα θέματα εθνικής ασφαλείας κ. Χένρυ Κίσσιγκερ θα επισκεφθή χώρας της Άπω Ασίας.

Ἡ κατάστασις ἐξετάζεται ὑπὸ τῶν ἁρμοδίων ὑπηρεσιῶν, αἱ ὁποῖαι θὰ ἀνακοινώσουν τὰς ἀποφάσεις των κατὰ τὰς προσεχεῖς ἡμέρας. Κατὰ τὰς πληροφορίας, αἱ συνομιλίαι θὰ συνεχισθοῦν καὶ θὰ ἐπεκταθοῦν εἰς ὅλα τὰ ἐκκρεμῆ ζητήματα, ἐνῷ οἱ ἐκπρόσωποι θὰ ὑποβάλουν ἐκθέσεις πρὸς τὰς κυβερνήσεις των. Ὁ ὑπουργὸς ἐτόνισεν ὅτι ἡ συνεργασία ἀποτελεῖ παράγοντα εἰρήνης καὶ προόδου, καὶ ἐξέφρασε τὴν πεποίθησιν ὅτι θὰ ἐπιτευχθῇ πλήρης συμφωνία.

ΠΑΡΙΣΙΝΟΝ ΔΙΚΑΣΤΗΡΙΟΝ ΑΠΕΡΡΙΨΕ ΤΗΝ ΠΡΟΣΦΥΓΗΝ ΤΗΣ ΧΗΡΑΣ ΤΟΥ ΒΟΥΛΕΥΤΟΥ ΛΑΜΠΡΑΚΗ ΕΝΑΝΤΙΟΝ ΤΟΥ ΠΑΡΑΓΩΓΟΥ ΤΗΣ ΤΑΙΝΙΑΣ «Ζ»

ΠΑΡΙΣΙΟΙ, 30. (Ρώυτερ).– Δικαστήριον απέρριψε την προσφυγήν της χήρας του Έλληνος βουλευτού Γρηγορίου Λαμπράκη.

Ἡ κατάστασις ἐξετάζεται ὑπὸ τῶν ἁρμοδίων ὑπηρεσιῶν, αἱ ὁποῖαι θὰ ἀνακοινώσουν τὰς ἀποφάσεις των κατὰ τὰς προσεχεῖς ἡμέρας. Κατὰ τὰς πληροφορίας, αἱ συνομιλίαι θὰ συνεχισθοῦν καὶ θὰ ἐπεκταθοῦν εἰς ὅλα τὰ ἐκκρεμῆ ζητήματα, ἐνῷ οἱ ἐκπρόσωποι θὰ ὑποβάλουν ἐκθέσεις πρὸς τὰς κυβερνήσεις των. Ὁ ὑπουργὸς ἐτόνισεν ὅτι ἡ συνεργασία ἀποτελεῖ παράγοντα εἰρήνης καὶ προόδου, καὶ ἐξέφρασε τὴν πεποίθησιν ὅτι θὰ ἐπιτευχθῇ πλήρης συμφωνία.

ΤΟ ΠΕΡΟΥ ΕΤΙΜΗΣΕΝ ΕΠΙΣΗΜΩΣ ΤΗΝ κ. ΝΙΞΟΝ ΔΙΑ ΤΟ ΦΙΛΑΝΘΡΩΠΙΚΟΝ ΤΗΣ ΕΡΓΟΝ ΥΠΕΡ ΤΩΝ ΘΥΜΑΤΩΝ ΤΩΝ ΣΕΙΣΜΩΝ ΤΟΥ 1970

ΟΥΑΣΙΓΚΤΩΝ, 30. (Ην. Τύπος).– Η κυβέρνησις του Περού ετίμησε την σύζυγον του προέδρου Νίξον.

Ἡ κατάστασις ἐξετάζεται ὑπὸ τῶν ἁρμοδίων ὑπηρεσιῶν, αἱ ὁποῖαι θὰ ἀνακοινώσουν τὰς ἀποφάσεις των κατὰ τὰς προσεχεῖς ἡμέρας. Κατὰ τὰς πληροφορίας, αἱ συνομιλίαι θὰ συνεχισθοῦν καὶ θὰ ἐπεκταθοῦν εἰς ὅλα τὰ ἐκκρεμῆ ζητήματα, ἐνῷ οἱ ἐκπρόσωποι θὰ ὑποβάλουν ἐκθέσεις πρὸς τὰς κυβερνήσεις των. Ὁ ὑπουργὸς ἐτόνισεν ὅτι ἡ συνεργασία ἀποτελεῖ παράγοντα εἰρήνης καὶ προόδου, καὶ ἐξέφρασε τὴν πεποίθησιν ὅτι θὰ ἐπιτευχθῇ πλήρης συμφωνία.

ΟΙ ΑΧΕΠΑΝΣ ΑΠΕΝΕΙΜΑΝ ΕΙΣ ΤΟΝ ΠΡΟΕΔΡΟΝ ΝΙΞΟΝ ΤΟΝ ΜΕΓΑΝ ΧΡΥΣΟΥΝ ΣΤΑΥΡΟΝ ΤΗΣ ΟΡΓΑΝΩΣΕΩΣ

ΟΥΑΣΙΓΚΤΩΝ, 30. (Αθην. Πρακτ.).– Ο Πρόεδρος Νίξον εδέχθη αντιπροσωπείαν της ΑΧΕΠΑ.

Ἡ κατάστασις ἐξετάζεται ὑπὸ τῶν ἁρμοδίων ὑπηρεσιῶν, αἱ ὁποῖαι θὰ ἀνακοινώσουν τὰς ἀποφάσεις των κατὰ τὰς προσεχεῖς ἡμέρας. Κατὰ τὰς πληροφορίας, αἱ συνομιλίαι θὰ συνεχισθοῦν καὶ θὰ ἐπεκταθοῦν εἰς ὅλα τὰ ἐκκρεμῆ ζητήματα, ἐνῷ οἱ ἐκπρόσωποι θὰ ὑποβάλουν ἐκθέσεις πρὸς τὰς κυβερνήσεις των. Ὁ ὑπουργὸς ἐτόνισεν ὅτι ἡ συνεργασία ἀποτελεῖ παράγοντα εἰρήνης καὶ προόδου, καὶ ἐξέφρασε τὴν πεποίθησιν ὅτι θὰ ἐπιτευχθῇ πλήρης συμφωνία.

ΚΑΘΟΡΙΖΕΤΑΙ ΠΟΤΕ ΕΚΠΙΠΤΕΤΑΙ Η ΖΗΜΙΑ ΕΚ ΤΟΥ ΕΙΣΟΔΗΜΑΤΟΣ ΦΟΡΟΛΟΓΟΥΜΕΝΟΥ

ΑΘΗΝΑΙ, 30.– Δι' εγκυκλίου του υπουργείου Οικονομικών καθορίζεται πότε εκπίπτεται η ζημία.

Ἡ κατάστασις ἐξετάζεται ὑπὸ τῶν ἁρμοδίων ὑπηρεσιῶν, αἱ ὁποῖαι θὰ ἀνακοινώσουν τὰς ἀποφάσεις των κατὰ τὰς προσεχεῖς ἡμέρας. Κατὰ τὰς πληροφορίας, αἱ συνομιλίαι θὰ συνεχισθοῦν καὶ θὰ ἐπεκταθοῦν εἰς ὅλα τὰ ἐκκρεμῆ ζητήματα, ἐνῷ οἱ ἐκπρόσωποι θὰ ὑποβάλουν ἐκθέσεις πρὸς τὰς κυβερνήσεις των. Ὁ ὑπουργὸς ἐτόνισεν ὅτι ἡ συνεργασία ἀποτελεῖ παράγοντα εἰρήνης καὶ προόδου, καὶ ἐξέφρασε τὴν πεποίθησιν ὅτι θὰ ἐπιτευχθῇ πλήρης συμφωνία.

ΤΡΑΓΙΚΟΣ ΘΑΝΑΤΟΣ ΕΠΙΒΑΤΟΥ ΔΙΚΥΚΛΟΥ ΚΑΤΑ ΤΗΝ ΣΥΓΚΡΟΥΣΙΝ ΤΟΥ ΜΕ ΦΟΡΤΗΓΟΝ

ΠΕΙΡΑΙΕΥΣ, 30.– Εφονεύθη κατά την σύγκρουσιν δικύκλου μετά φορτηγού αυτοκινήτου.

Ἡ κατάστασις ἐξετάζεται ὑπὸ τῶν ἁρμοδίων ὑπηρεσιῶν, αἱ ὁποῖαι θὰ ἀνακοινώσουν τὰς ἀποφάσεις των κατὰ τὰς προσεχεῖς ἡμέρας. Κατὰ τὰς πληροφορίας, αἱ συνομιλίαι θὰ συνεχισθοῦν καὶ θὰ ἐπεκταθοῦν εἰς ὅλα τὰ ἐκκρεμῆ ζητήματα, ἐνῷ οἱ ἐκπρόσωποι θὰ ὑποβάλουν ἐκθέσεις πρὸς τὰς κυβερνήσεις των. Ὁ ὑπουργὸς ἐτόνισεν ὅτι ἡ συνεργασία ἀποτελεῖ παράγοντα εἰρήνης καὶ προόδου, καὶ ἐξέφρασε τὴν πεποίθησιν ὅτι θὰ ἐπιτευχθῇ πλήρης συμφωνία.

ΦΟΝΙΚΗ ΣΥΓΚΡΟΥΣΙΣ

Ἡ κατάστασις ἐξετάζεται ὑπὸ τῶν ἁρμοδίων ὑπηρεσιῶν, αἱ ὁποῖαι θὰ ἀνακοινώσουν τὰς ἀποφάσεις των κατὰ τὰς προσεχεῖς ἡμέρας. Κατὰ τὰς πληροφορίας, αἱ συνομιλίαι θὰ συνεχισθοῦν καὶ θὰ ἐπεκταθοῦν εἰς ὅλα τὰ ἐκκρεμῆ ζητήματα, ἐνῷ οἱ ἐκπρόσωποι θὰ ὑποβάλουν ἐκθέσεις πρὸς τὰς κυβερνήσεις των. Ὁ ὑπουργὸς ἐτόνισεν ὅτι ἡ συνεργασία ἀποτελεῖ παράγοντα εἰρήνης καὶ προόδου, καὶ ἐξέφρασε τὴν πεποίθησιν ὅτι θὰ ἐπιτευχθῇ πλήρης συμφωνία.
